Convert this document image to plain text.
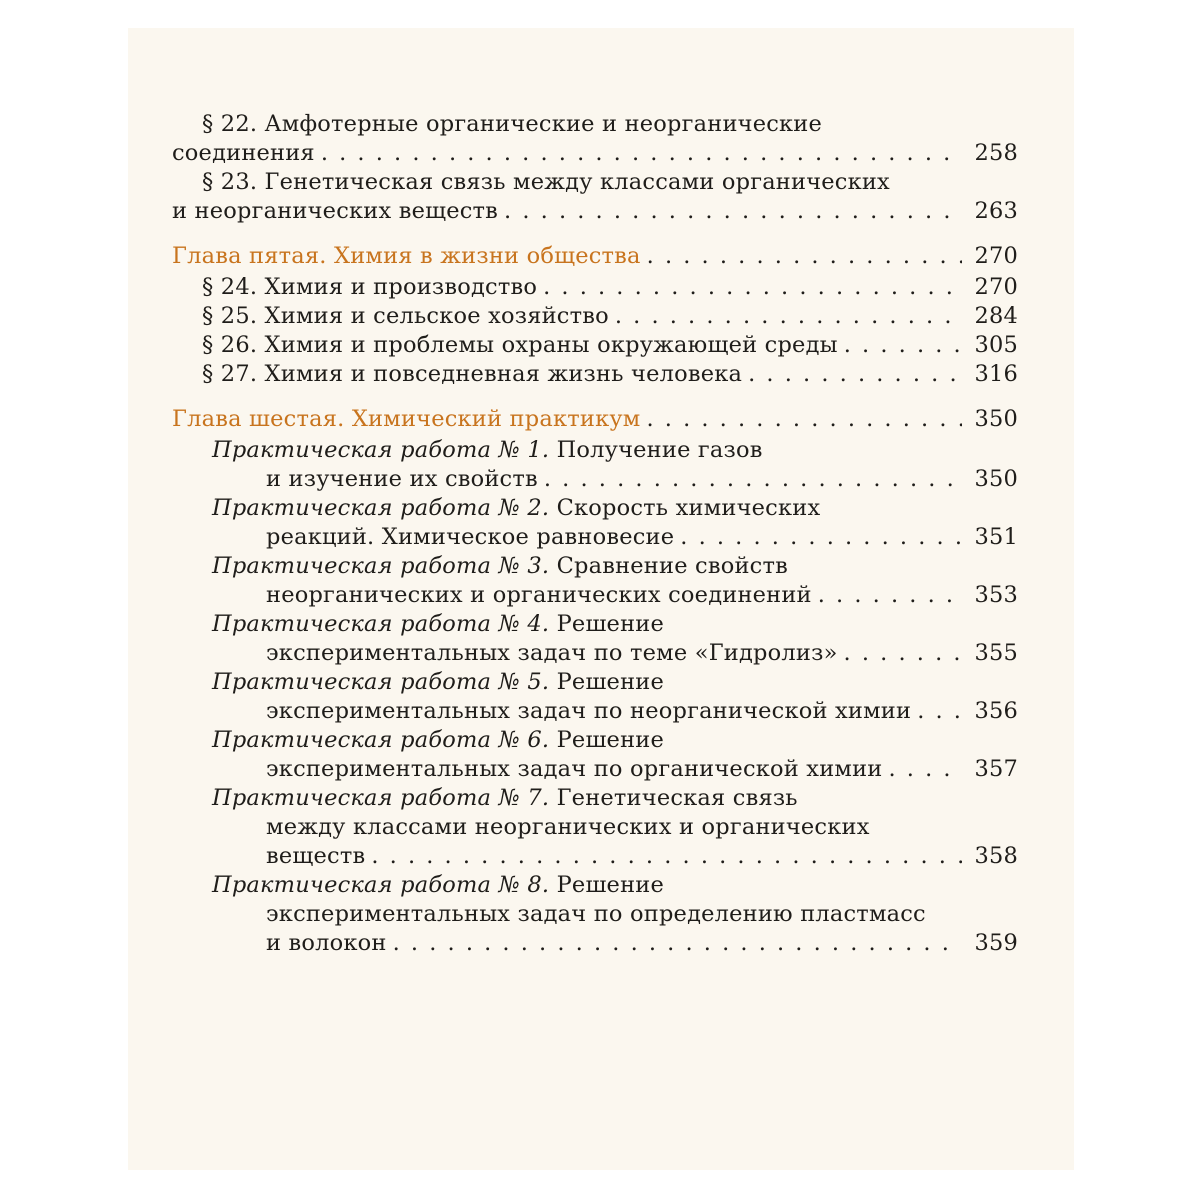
§ 22. Амфотерные органические и неорганические
соединения . . .	258
§ 23. Генетическая связь между классами органических
и неорганических веществ . . .	263
Глава пятая. Химия в жизни общества . . .	270
§ 24. Химия и производство . . .	270
§ 25. Химия и сельское хозяйство . . .	284
§ 26. Химия и проблемы охраны окружающей среды . . .	305
§ 27. Химия и повседневная жизнь человека . . .	316
Глава шестая. Химический практикум . . .	350
Практическая работа № 1. Получение газов
и изучение их свойств . . .	350
Практическая работа № 2. Скорость химических
реакций. Химическое равновесие . . .	351
Практическая работа № 3. Сравнение свойств
неорганических и органических соединений . . .	353
Практическая работа № 4. Решение
экспериментальных задач по теме «Гидролиз» . . .	355
Практическая работа № 5. Решение
экспериментальных задач по неорганической химии . . .	356
Практическая работа № 6. Решение
экспериментальных задач по органической химии . . .	357
Практическая работа № 7. Генетическая связь
между классами неорганических и органических
веществ . . .	358
Практическая работа № 8. Решение
экспериментальных задач по определению пластмасс
и волокон . . .	359
